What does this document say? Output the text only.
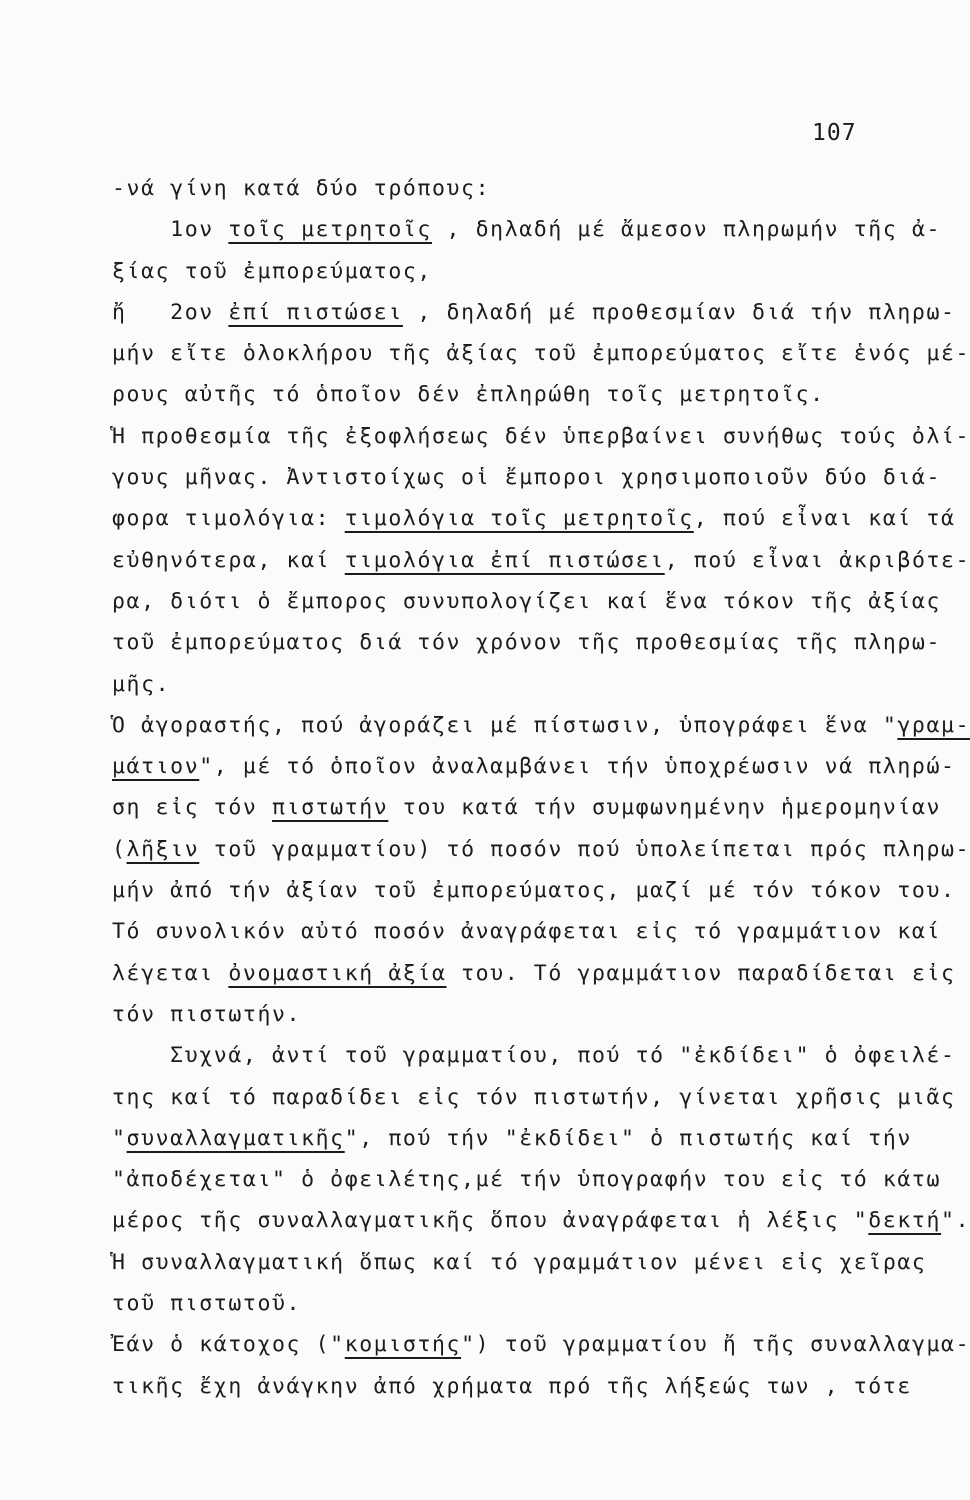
107
-νά γίνη κατά δύο τρόπους:
1ον τοῖς μετρητοῖς , δηλαδή μέ ἄμεσον πληρωμήν τῆς ἀ-
ξίας τοῦ ἐμπορεύματος,
ἤ   2ον ἐπί πιστώσει , δηλαδή μέ προθεσμίαν διά τήν πληρω-
μήν εἴτε ὁλοκλήρου τῆς ἀξίας τοῦ ἐμπορεύματος εἴτε ἑνός μέ-
ρους αὐτῆς τό ὁποῖον δέν ἐπληρώθη τοῖς μετρητοῖς.
Ἡ προθεσμία τῆς ἐξοφλήσεως δέν ὑπερβαίνει συνήθως τούς ὀλί-
γους μῆνας. Ἀντιστοίχως οἱ ἔμποροι χρησιμοποιοῦν δύο διά-
φορα τιμολόγια: τιμολόγια τοῖς μετρητοῖς, πού εἶναι καί τά
εὐθηνότερα, καί τιμολόγια ἐπί πιστώσει, πού εἶναι ἀκριβότε-
ρα, διότι ὁ ἔμπορος συνυπολογίζει καί ἕνα τόκον τῆς ἀξίας
τοῦ ἐμπορεύματος διά τόν χρόνον τῆς προθεσμίας τῆς πληρω-
μῆς.
Ὁ ἀγοραστής, πού ἀγοράζει μέ πίστωσιν, ὑπογράφει ἕνα "γραμ-
μάτιον", μέ τό ὁποῖον ἀναλαμβάνει τήν ὑποχρέωσιν νά πληρώ-
ση εἰς τόν πιστωτήν του κατά τήν συμφωνημένην ἡμερομηνίαν
(λῆξιν τοῦ γραμματίου) τό ποσόν πού ὑπολείπεται πρός πληρω-
μήν ἀπό τήν ἀξίαν τοῦ ἐμπορεύματος, μαζί μέ τόν τόκον του.
Τό συνολικόν αὐτό ποσόν ἀναγράφεται εἰς τό γραμμάτιον καί
λέγεται ὀνομαστική ἀξία του. Τό γραμμάτιον παραδίδεται εἰς
τόν πιστωτήν.
Συχνά, ἀντί τοῦ γραμματίου, πού τό "ἐκδίδει" ὁ ὀφειλέ-
της καί τό παραδίδει εἰς τόν πιστωτήν, γίνεται χρῆσις μιᾶς
"συναλλαγματικῆς", πού τήν "ἐκδίδει" ὁ πιστωτής καί τήν
"ἀποδέχεται" ὁ ὀφειλέτης,μέ τήν ὑπογραφήν του εἰς τό κάτω
μέρος τῆς συναλλαγματικῆς ὅπου ἀναγράφεται ἡ λέξις "δεκτή".
Ἡ συναλλαγματική ὅπως καί τό γραμμάτιον μένει εἰς χεῖρας
τοῦ πιστωτοῦ.
Ἐάν ὁ κάτοχος ("κομιστής") τοῦ γραμματίου ἤ τῆς συναλλαγμα-
τικῆς ἔχη ἀνάγκην ἀπό χρήματα πρό τῆς λήξεώς των , τότε
